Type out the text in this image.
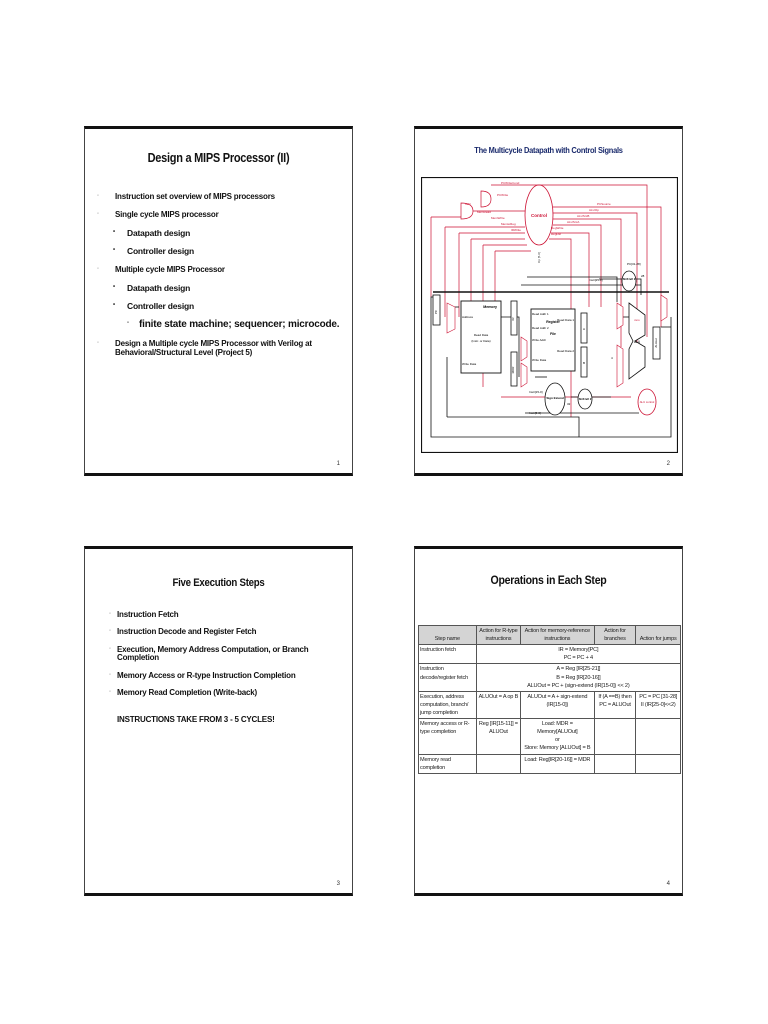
Design a MIPS Processor (II)
◦ Instruction set overview of MIPS processors
◦ Single cycle MIPS processor
• Datapath design
• Controller design
◦ Multiple cycle MIPS Processor
• Datapath design
• Controller design
- finite state machine; sequencer; microcode.
◦ Design a Multiple cycle MIPS Processor with Verilog at Behavioral/Structural Level (Project 5)
1
The Multicycle Datapath with Control Signals
Control
Op [5-0]
PCWriteCond
PCWrite
IorD
MemRead
MemWrite
MemtoReg
IRWrite
PCSource
ALUOp
ALUSrcB
ALUSrcA
RegWrite
RegDst
PC
Memory
Address
Read Data
(Instr. or Data)
Write Data
IR
MDR
Read Addr 1
Register
Read Addr 2
File
Write Addr
Write Data
Read Data 1
Read Data 2
A
B
4
ALU
zero
ALUout
Shift left 2
PC[31-28]
28
Instr[25-0]
Sign Extend
Instr[15-0]
Instr[5-0]
32
Shift left 2
ALU control
2
Five Execution Steps
◦ Instruction Fetch
◦ Instruction Decode and Register Fetch
◦ Execution, Memory Address Computation, or Branch Completion
◦ Memory Access or R-type Instruction Completion
◦ Memory Read Completion (Write-back)
INSTRUCTIONS TAKE FROM 3 - 5 CYCLES!
3
Operations in Each Step
Step name	Action for R-type instructions	Action for memory-reference instructions	Action for branches	Action for jumps
Instruction fetch	IR = Memory[PC]
PC = PC + 4			

Instruction decode/register fetch	A = Reg [IR[25-21]]
B = Reg [IR[20-16]]
ALUOut = PC + (sign-extend (IR[15-0]) << 2)			

Execution, address computation, branch/ jump completion	ALUOut = A op B	ALUOut = A + sign-extend (IR[15-0])	If (A ==B) then PC = ALUOut	PC = PC [31-28] II (IR[25-0]<<2)
Memory access or R-type completion	Reg [IR[15-11]] = ALUOut	Load: MDR = Memory[ALUOut]
or
Store: Memory [ALUOut] = B		

Memory read completion		Load: Reg[IR[20-16]] = MDR		
4
